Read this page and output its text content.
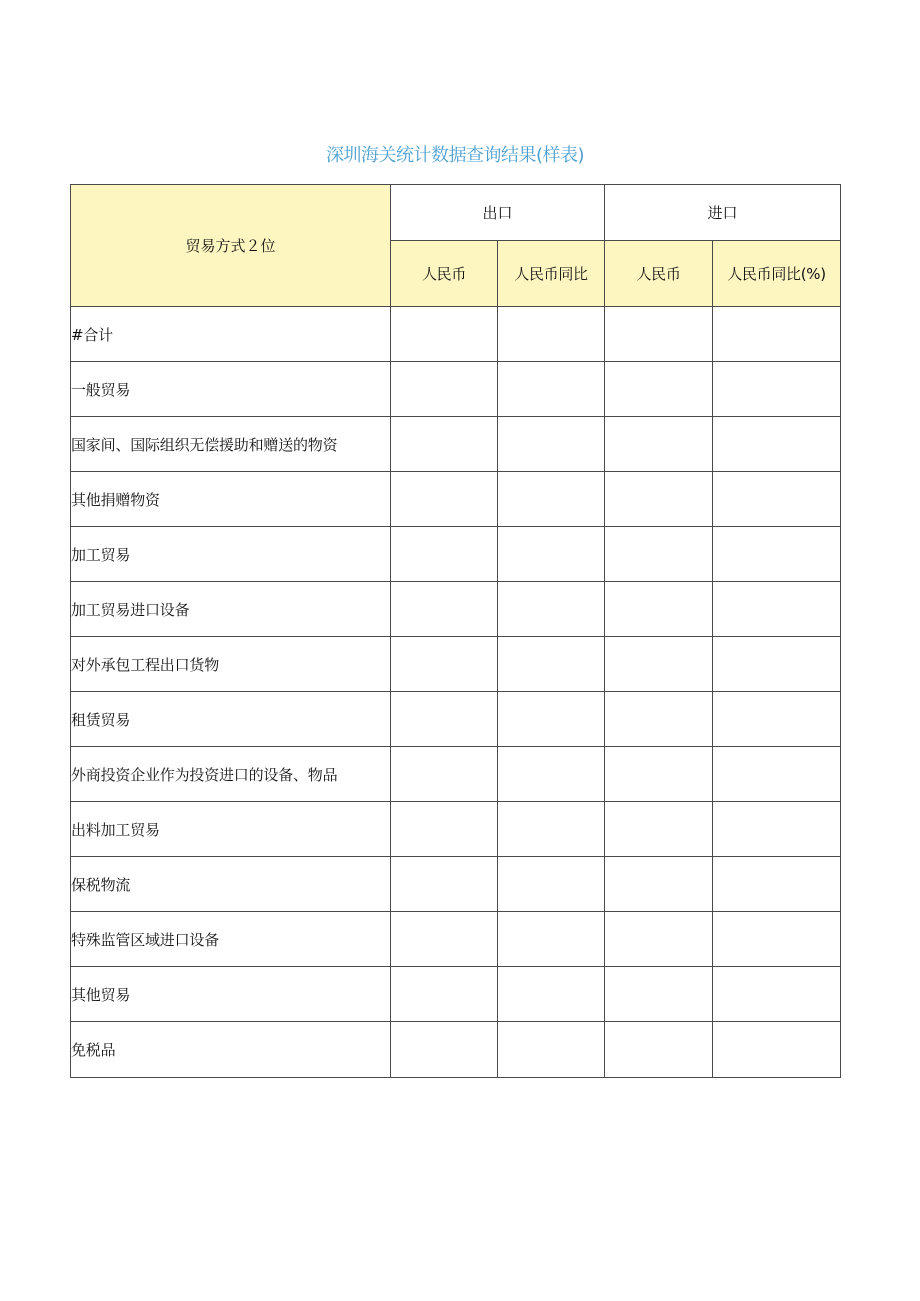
深圳海关统计数据查询结果(样表)
贸易方式２位	出口		进口	
	人民币	人民币同比	人民币	人民币同比(%)
#合计				
一般贸易				
国家间、国际组织无偿援助和赠送的物资				
其他捐赠物资				
加工贸易				
加工贸易进口设备				
对外承包工程出口货物				
租赁贸易				
外商投资企业作为投资进口的设备、物品				
出料加工贸易				
保税物流				
特殊监管区域进口设备				
其他贸易				
免税品				
